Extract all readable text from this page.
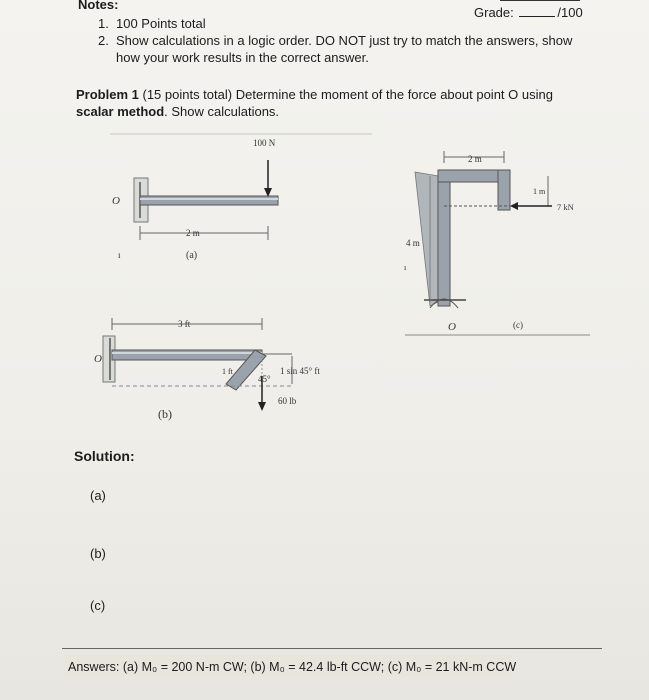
Notes:
Grade:	/100
1. 100 Points total
2. Show calculations in a logic order. DO NOT just try to match the answers, show
how your work results in the correct answer.
Problem 1 (15 points total) Determine the moment of the force about point O using
scalar method. Show calculations.
O
100 N
2 m
(a)
ı
O
3 ft
1 ft
45°
1 sin 45° ft
60 lb
(b)
2 m
4 m
1 m
7 kN
O	(c)
ı
Solution:
(a)
(b)
(c)
Answers: (a) M₀ = 200 N-m CW; (b) M₀ = 42.4 lb-ft CCW; (c) M₀ = 21 kN-m CCW
